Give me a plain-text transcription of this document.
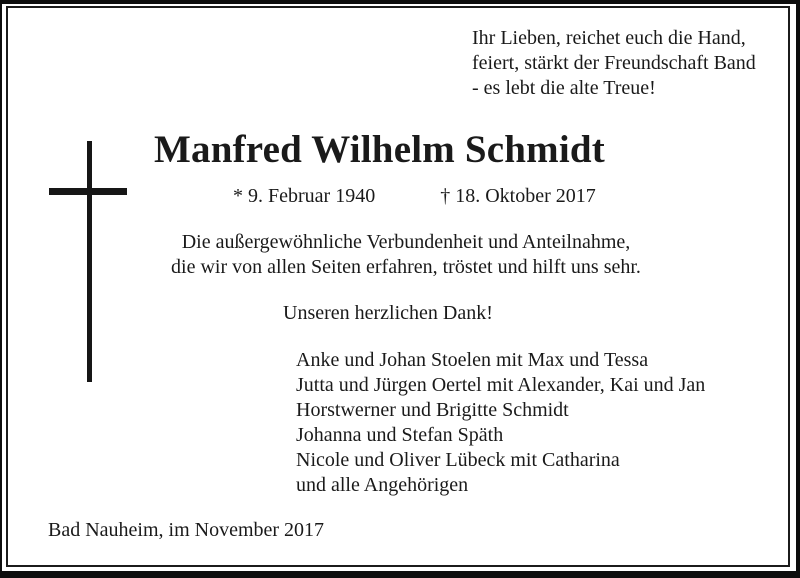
Ihr Lieben, reichet euch die Hand,
feiert, stärkt der Freundschaft Band
- es lebt die alte Treue!
Manfred Wilhelm Schmidt
* 9. Februar 1940	† 18. Oktober 2017
Die außergewöhnliche Verbundenheit und Anteilnahme,
die wir von allen Seiten erfahren, tröstet und hilft uns sehr.
Unseren herzlichen Dank!
Anke und Johan Stoelen mit Max und Tessa
Jutta und Jürgen Oertel mit Alexander, Kai und Jan
Horstwerner und Brigitte Schmidt
Johanna und Stefan Späth
Nicole und Oliver Lübeck mit Catharina
und alle Angehörigen
Bad Nauheim, im November 2017
